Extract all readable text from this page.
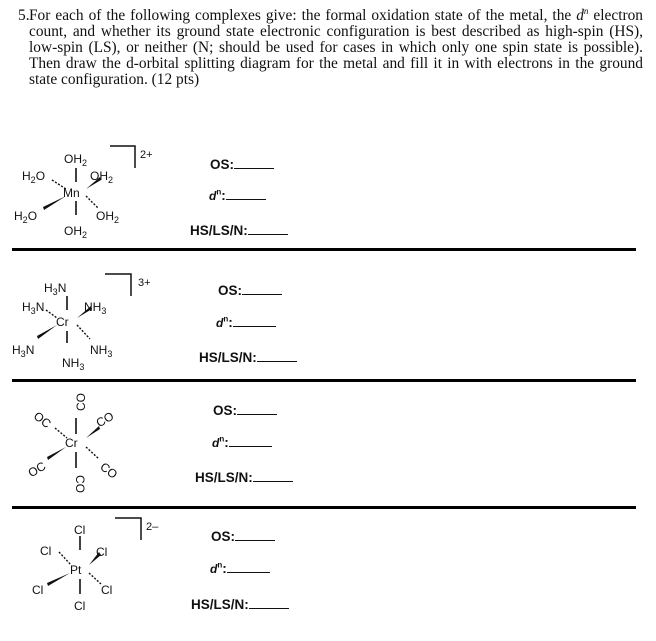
5. For each of the following complexes give: the formal oxidation state of the metal, the $d^n$ electron count, and whether its ground state electronic configuration is best described as high-spin (HS), low-spin (LS), or neither (N; should be used for cases in which only one spin state is possible). Then draw the d-orbital splitting diagram for the metal and fill it in with electrons in the ground state configuration. (12 pts)
Mn
$OH_2$
$H_2O$	$OH_2$
$H_2O$	$OH_2$
$OH_2$
2+
OS:
$d^n$:
HS/LS/N:
Cr
$H_3N$
$H_3N$	$NH_3$
$H_3N$	$NH_3$
$NH_3$
3+	OS:
$d^n$:
HS/LS/N:
Cr
CO
OC	CO
OC	CO
CO
OS:
$d^n$:
HS/LS/N:
Pt
Cl
Cl	Cl
Cl	Cl
Cl
2–
OS:
$d^n$:
HS/LS/N:
